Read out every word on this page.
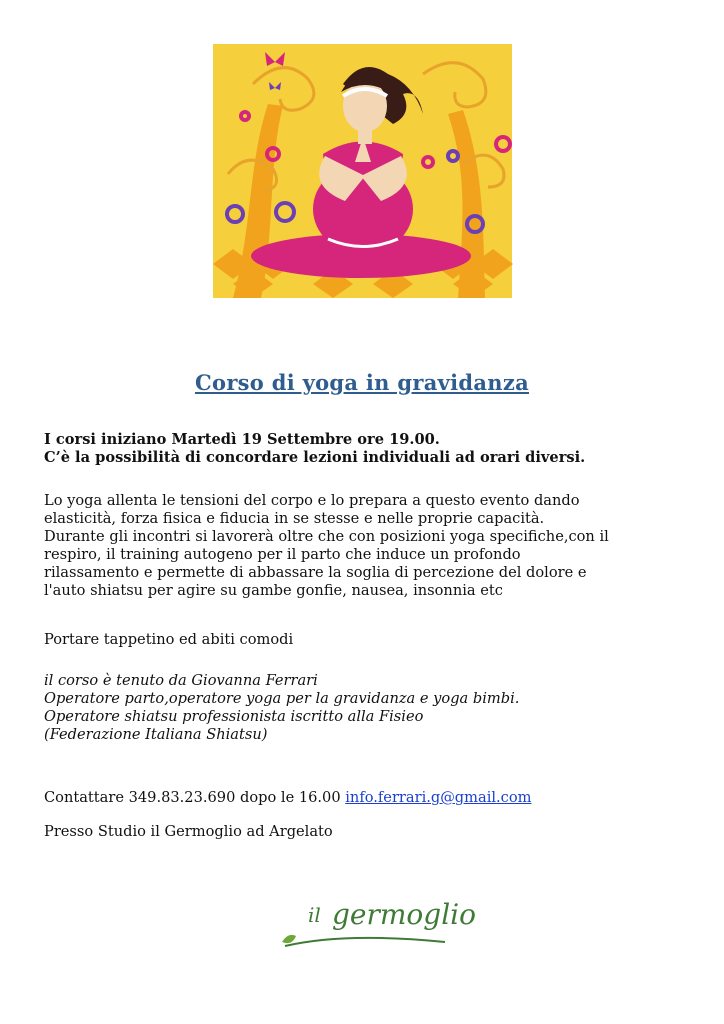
Corso di yoga in gravidanza
I corsi iniziano Martedì 19 Settembre ore 19.00.
C’è la possibilità di concordare lezioni individuali ad orari diversi.
Lo yoga allenta le tensioni del corpo e lo prepara a questo evento dando
elasticità, forza fisica e fiducia in se stesse e nelle proprie capacità.
Durante gli incontri si lavorerà oltre che con posizioni yoga specifiche,con il
respiro, il training autogeno per il parto che induce un profondo
rilassamento e permette di abbassare la soglia di percezione del dolore e
l'auto shiatsu per agire su gambe gonfie, nausea, insonnia etc
Portare tappetino ed abiti comodi
il corso è tenuto da Giovanna Ferrari
Operatore parto,operatore yoga per la gravidanza e yoga bimbi.
Operatore shiatsu professionista iscritto alla Fisieo
(Federazione Italiana Shiatsu)
Contattare 349.83.23.690 dopo le 16.00 info.ferrari.g@gmail.com
Presso Studio il Germoglio ad Argelato
il germoglio
